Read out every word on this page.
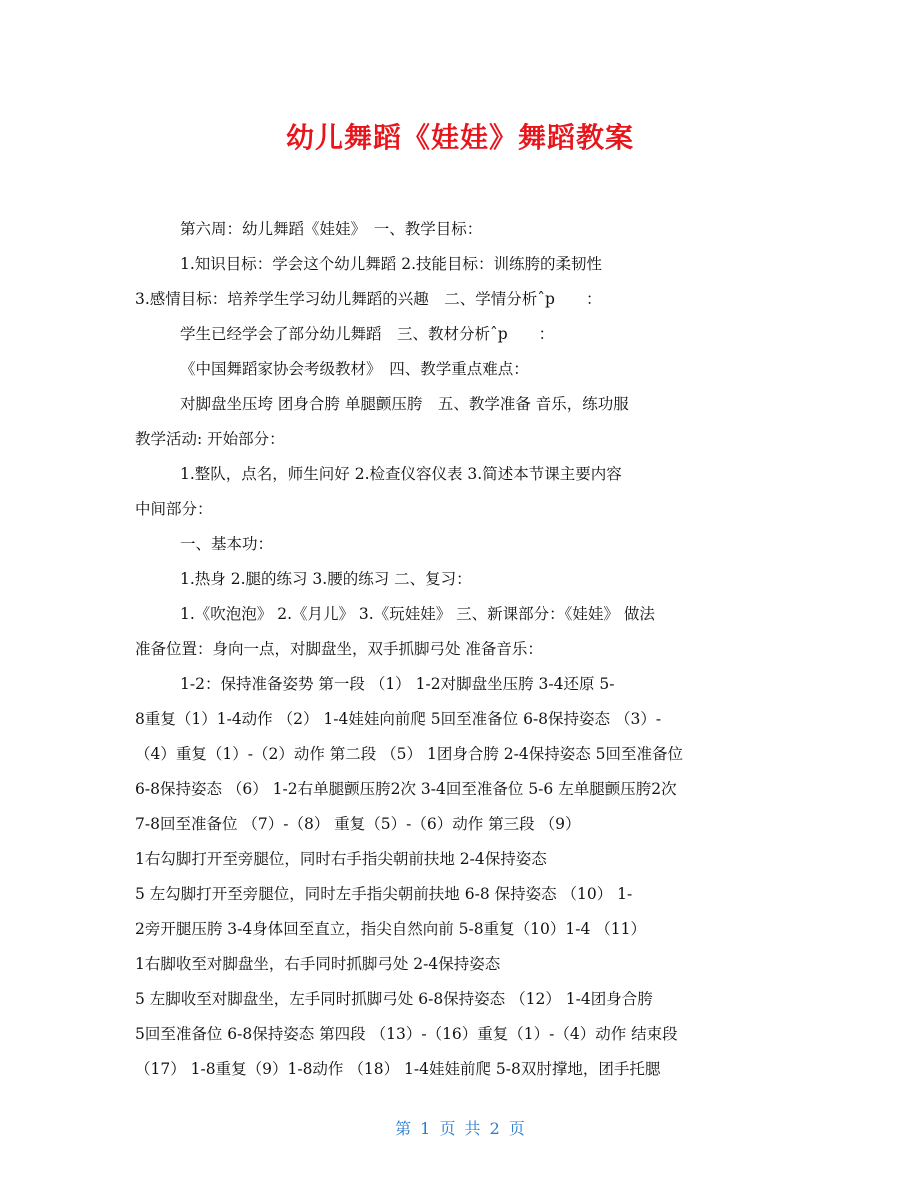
幼儿舞蹈《娃娃》舞蹈教案
第六周：幼儿舞蹈《娃娃》　一、教学目标：
1.知识目标：学会这个幼儿舞蹈 2.技能目标：训练胯的柔韧性
3.感情目标：培养学生学习幼儿舞蹈的兴趣　二、学情分析ˆp　　：
学生已经学会了部分幼儿舞蹈　三、教材分析ˆp　　：
《中国舞蹈家协会考级教材》　四、教学重点难点：
对脚盘坐压垮 团身合胯 单腿颤压胯　五、教学准备 音乐，练功服
教学活动: 开始部分：
1.整队，点名，师生问好 2.检查仪容仪表 3.简述本节课主要内容
中间部分：
一、基本功：
1.热身 2.腿的练习 3.腰的练习 二、复习：
1.《吹泡泡》 2.《月儿》 3.《玩娃娃》 三、新课部分：《娃娃》 做法
准备位置：身向一点，对脚盘坐，双手抓脚弓处 准备音乐：
1-2：保持准备姿势 第一段 （1） 1-2对脚盘坐压胯 3-4还原 5-
8重复（1）1-4动作 （2） 1-4娃娃向前爬 5回至准备位 6-8保持姿态 （3）-
（4）重复（1）-（2）动作 第二段 （5） 1团身合胯 2-4保持姿态 5回至准备位
6-8保持姿态 （6） 1-2右单腿颤压胯2次 3-4回至准备位 5-6 左单腿颤压胯2次
7-8回至准备位 （7）-（8） 重复（5）-（6）动作 第三段 （9）
1右勾脚打开至旁腿位，同时右手指尖朝前扶地 2-4保持姿态
5 左勾脚打开至旁腿位，同时左手指尖朝前扶地 6-8 保持姿态 （10） 1-
2旁开腿压胯 3-4身体回至直立，指尖自然向前 5-8重复（10）1-4 （11）
1右脚收至对脚盘坐，右手同时抓脚弓处 2-4保持姿态
5 左脚收至对脚盘坐，左手同时抓脚弓处 6-8保持姿态 （12） 1-4团身合胯
5回至准备位 6-8保持姿态 第四段 （13）-（16）重复（1）-（4）动作 结束段
（17） 1-8重复（9）1-8动作 （18） 1-4娃娃前爬 5-8双肘撑地，团手托腮
第 1 页 共 2 页
